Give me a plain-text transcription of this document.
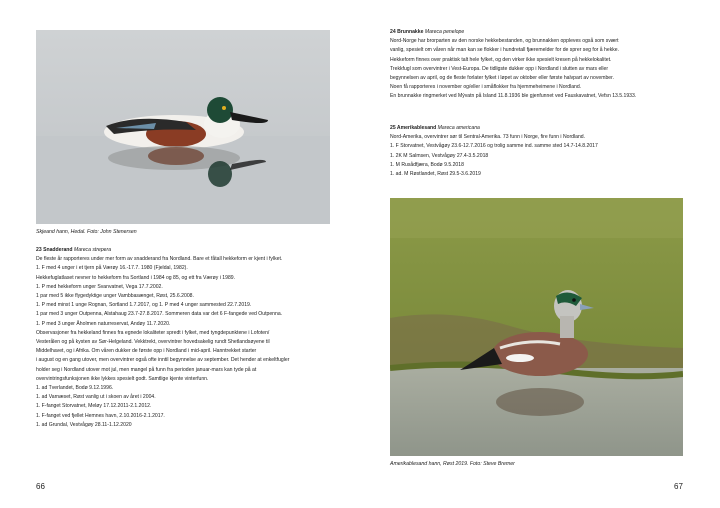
Skjeand hann, Hedal. Foto: John Stenersen
23 Snadderand Mareca strepera
De fleste år rapporteres under mer form av snadderand fra Nordland. Bare et fåtall hekkeform er kjent i fylket.
1. F med 4 unger i et tjern på Værøy 16.-17.7. 1980 (Fjeldal, 1982).
Hekkefuglatlaset nevner to hekkeform fra Sortland i 1984 og 85, og ett fra Værøy i 1989.
1. P med hekkeform unger Svanvatnet, Vega 17.7.2002.
1 par med 5 ikke flygedyktige unger Vambbasænget, Røst, 25.6.2008.
1. P med minst 1 unge Rognan, Sortland 1.7.2017, og 1. P med 4 unger sammested 22.7.2019.
1 par med 3 unger Outpenna, Alstahaug 23.7-27.8.2017. Sommeren data var det 6 F-fangede ved Outpenna.
1. P med 3 unger Åholmen naturreservat, Andøy 11.7.2020.
Observasjoner fra hekkeland finnes fra egnede lokaliteter spredt i fylket, med tyngdepunktene i Lofoten/
Vesterålen og på kysten av Sør-Helgeland. Vekktrekt, overvintrer hovedsakelig rundt Shetlandsøyene til
Middelhavet, og i Afrika. Om våren dukker de første opp i Nordland i mid-april. Hanntrekket starter
i august og en gang utover, men overvintrer også ofte inntil begynnelse av september. Det hender at enkeltfugler
holder seg i Nordland utover mot jul, men mangel på funn fra perioden januar-mars kan tyde på at
overvintringsfunksjonen ikke lykkes spesielt godt. Samtlige kjente vinterfunn.
1. ad Tverlandet, Bodø 9.12.1996.
1. ad Varnæset, Røst vanlig ut i skoen av året i 2004.
1. F-fanget Storvatnet, Meløy 17.12.2011-2.1.2012.
1. F-fanget ved fjellet Hemnes havn, 2.10.2016-2.1.2017.
1. ad Grundal, Vestvågøy 28.11-1.12.2020
66
24 Brunnakke Mareca penelope
Nord-Norge har brorparten av den norske hekkebestanden, og brunnakken oppleves også som svært
vanlig, spesielt om våren når man kan se flokker i hundretall fjæremelder for de sprer seg for å hekke.
Hekkeform finnes over praktisk talt hele fylket, og den virker ikke spesielt kresen på hekkelokalitet.
Trekkfugl som overvintrer i Vest-Europa. De tidligste dukker opp i Nordland i slutten av mars eller
begynnelsen av april, og de fleste forlater fylket i løpet av oktober eller første halvpart av november.
Noen få rapporteres i november og/eller i småflokker fra hjemmeheimene i Nordland.
En brunnakke ringmerket ved Mývatn på Island 11.8.1936 ble gjenfunnet ved Fauskavatnet, Vefsn 13.5.1933.
25 Amerikablesand Mareca americana
Nord-Amerika, overvintrer sør til Sentral-Amerika. 73 funn i Norge, fire funn i Nordland.
1. F Storvatnet, Vestvågøy 23.6-12.7.2016 og trolig samme ind. samme sted 14.7-14.8.2017
1. 2K M Salmsen, Vestvågøy 27.4-3.5.2018
1. M Rusådfjæra, Bodø 9.5.2018
1. ad. M Røstlandet, Røst 29.5-3.6.2019
Amerikablesand hann, Røst 2019. Foto: Steve Bremer
67
